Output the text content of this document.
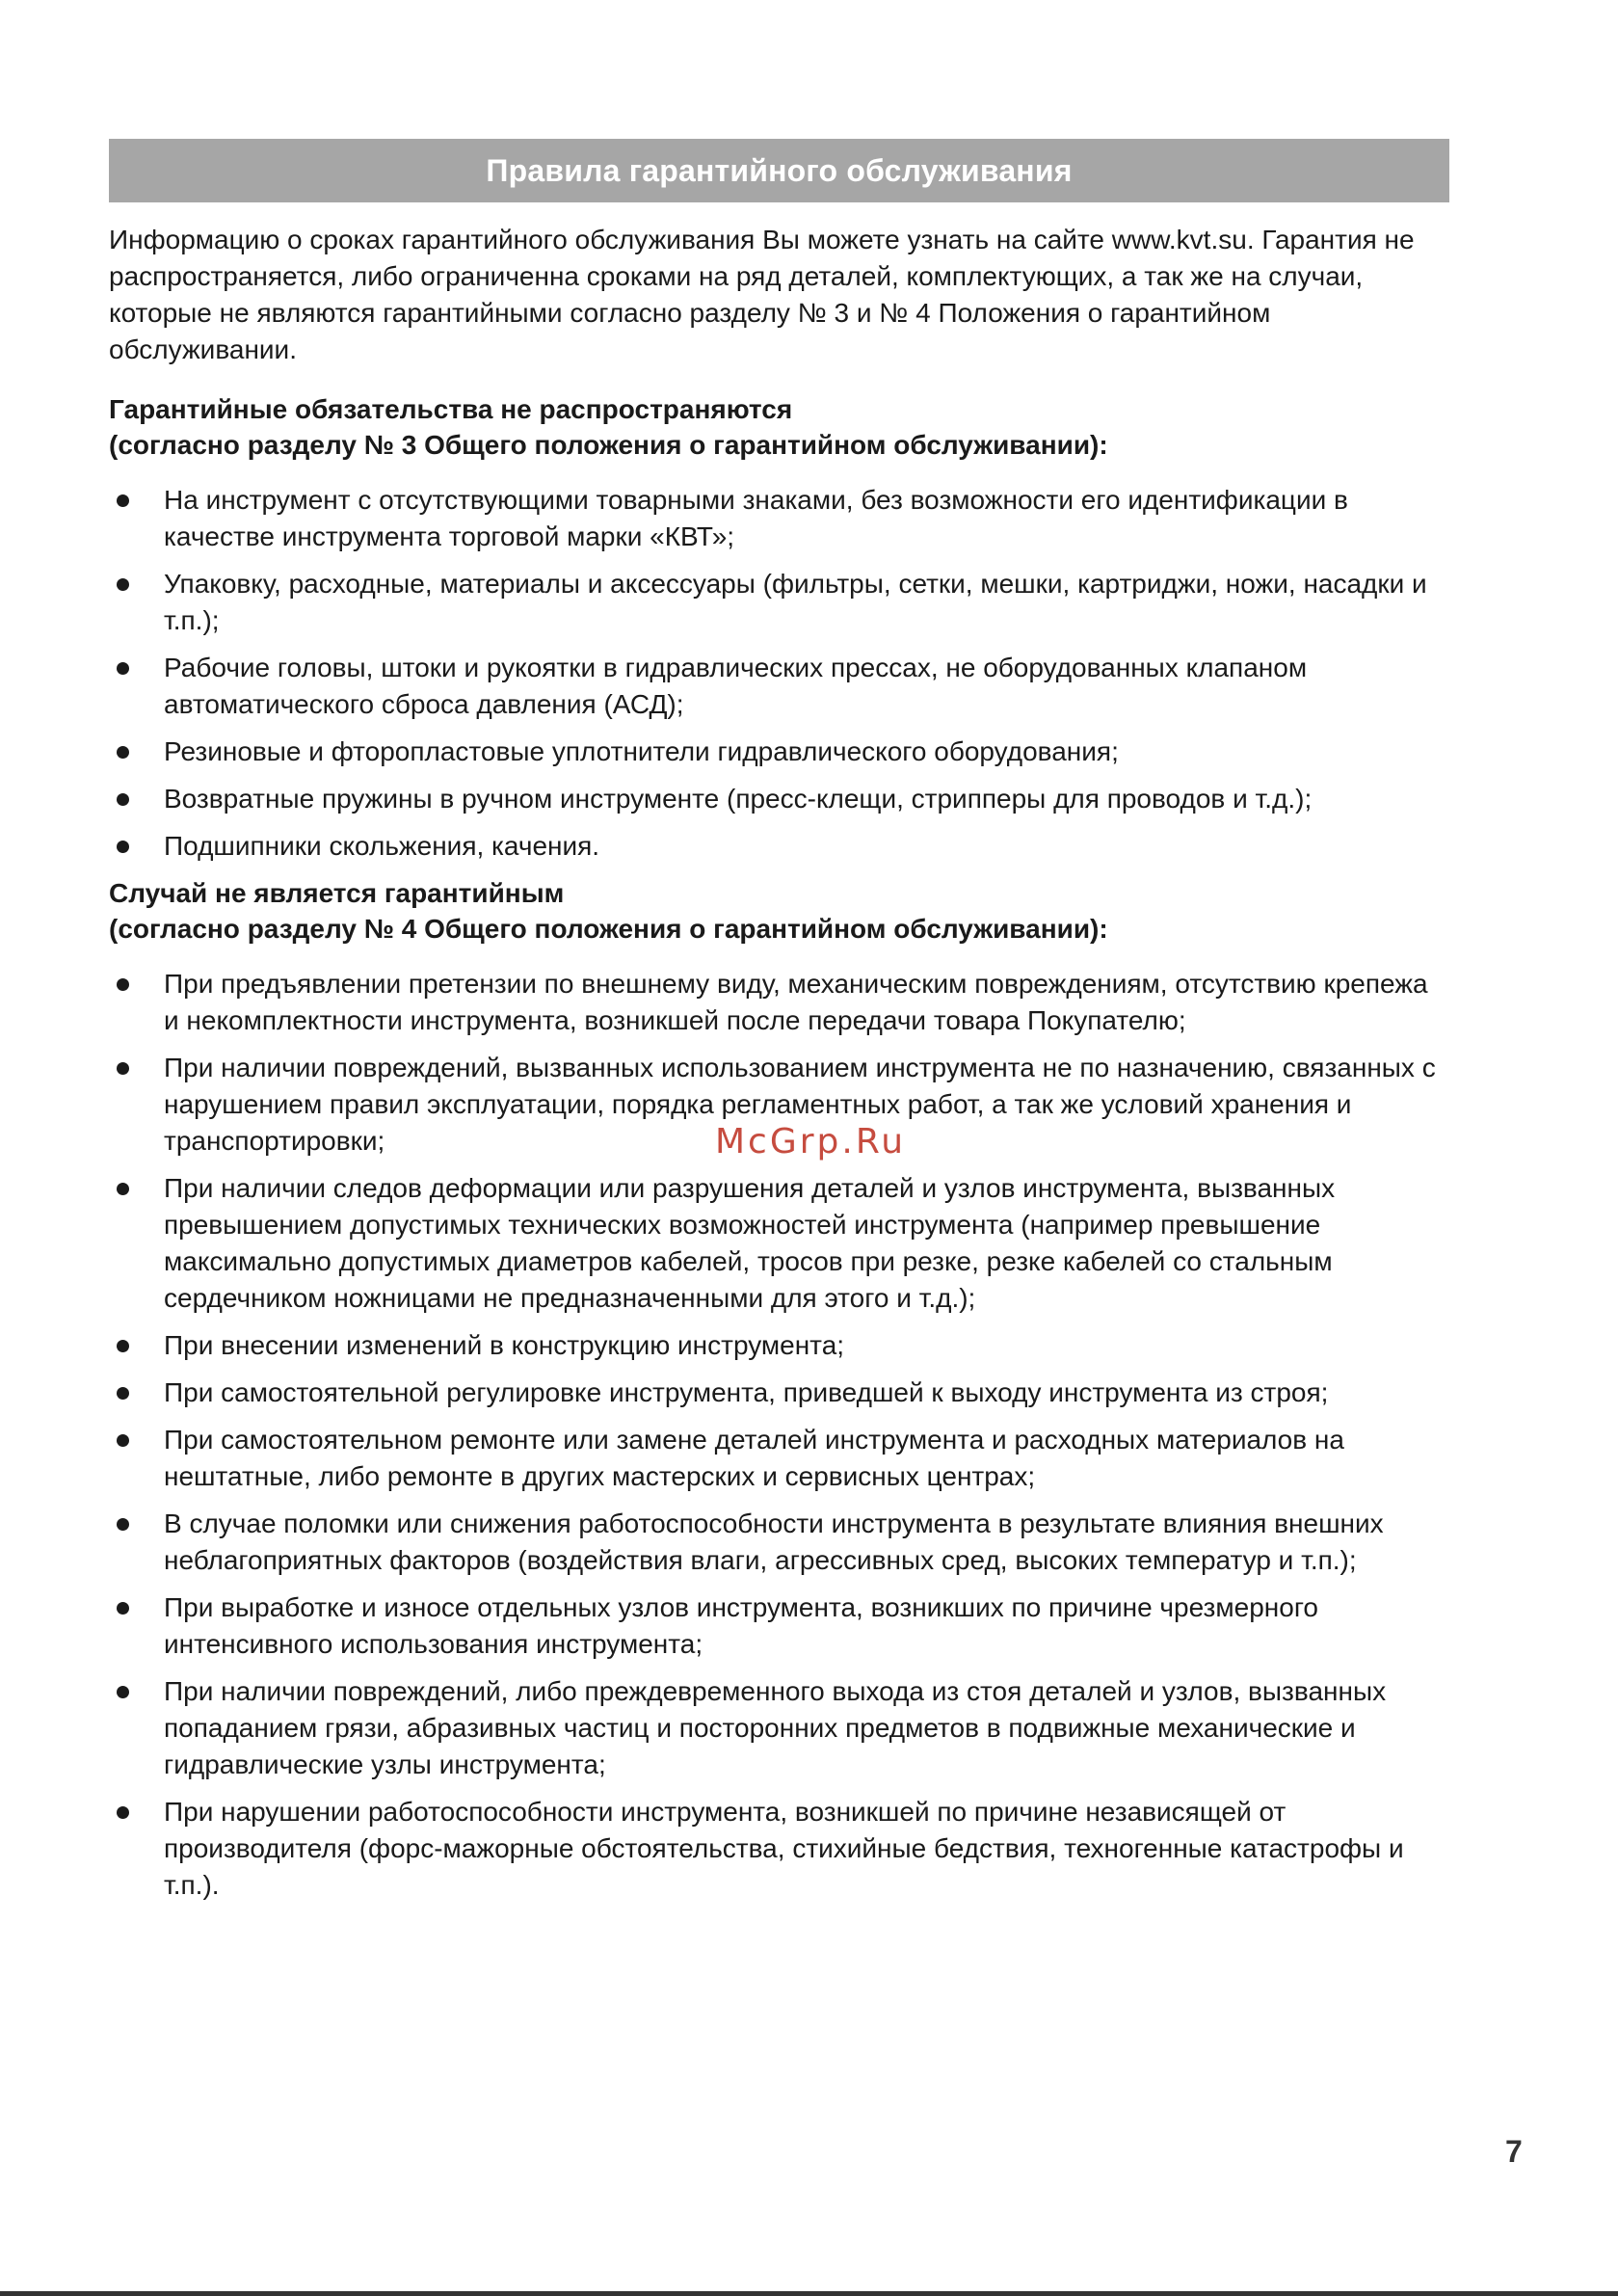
Правила гарантийного обслуживания

Информацию о сроках гарантийного обслуживания Вы можете узнать на сайте www.kvt.su. Гарантия не распространяется, либо ограниченна сроками на ряд деталей, комплектующих, а так же на случаи, которые не являются гарантийными согласно разделу № 3 и № 4 Положения о гарантийном обслуживании.

Гарантийные обязательства не распространяются
(согласно разделу № 3 Общего положения о гарантийном обслуживании):

На инструмент с отсутствующими товарными знаками, без возможности его идентификации в качестве инструмента торговой марки «КВТ»;
Упаковку, расходные, материалы и аксессуары (фильтры, сетки, мешки, картриджи, ножи, насадки и т.п.);
Рабочие головы, штоки и рукоятки в гидравлических прессах, не оборудованных клапаном автоматического сброса давления (АСД);
Резиновые и фторопластовые уплотнители гидравлического оборудования;
Возвратные пружины в ручном инструменте (пресс-клещи, стрипперы для проводов и т.д.);
Подшипники скольжения, качения.

Случай не является гарантийным
(согласно разделу № 4 Общего положения о гарантийном обслуживании):

При предъявлении претензии по внешнему виду, механическим повреждениям, отсутствию крепежа и некомплектности инструмента, возникшей после передачи товара Покупателю;
При наличии повреждений, вызванных использованием инструмента не по назначению, связанных с нарушением правил эксплуатации, порядка регламентных работ, а так же условий хранения и транспортировки;
При наличии следов деформации или разрушения деталей и узлов инструмента, вызванных превышением допустимых технических возможностей инструмента (например превышение максимально допустимых диаметров кабелей, тросов при резке, резке кабелей со стальным сердечником ножницами не предназначенными для этого и т.д.);
При внесении изменений в конструкцию инструмента;
При самостоятельной регулировке инструмента, приведшей к выходу инструмента из строя;
При самостоятельном ремонте или замене деталей инструмента и расходных материалов на нештатные, либо ремонте в других мастерских и сервисных центрах;
В случае поломки или снижения работоспособности инструмента в результате влияния внешних неблагоприятных факторов (воздействия влаги, агрессивных сред, высоких температур и т.п.);
При выработке и износе отдельных узлов инструмента, возникших по причине чрезмерного интенсивного использования инструмента;
При наличии повреждений, либо преждевременного выхода из стоя деталей и узлов, вызванных попаданием грязи, абразивных частиц и посторонних предметов в подвижные механические и гидравлические узлы инструмента;
При нарушении работоспособности инструмента, возникшей по причине независящей от производителя (форс-мажорные обстоятельства, стихийные бедствия, техногенные катастрофы и т.п.).
McGrp.Ru
7
